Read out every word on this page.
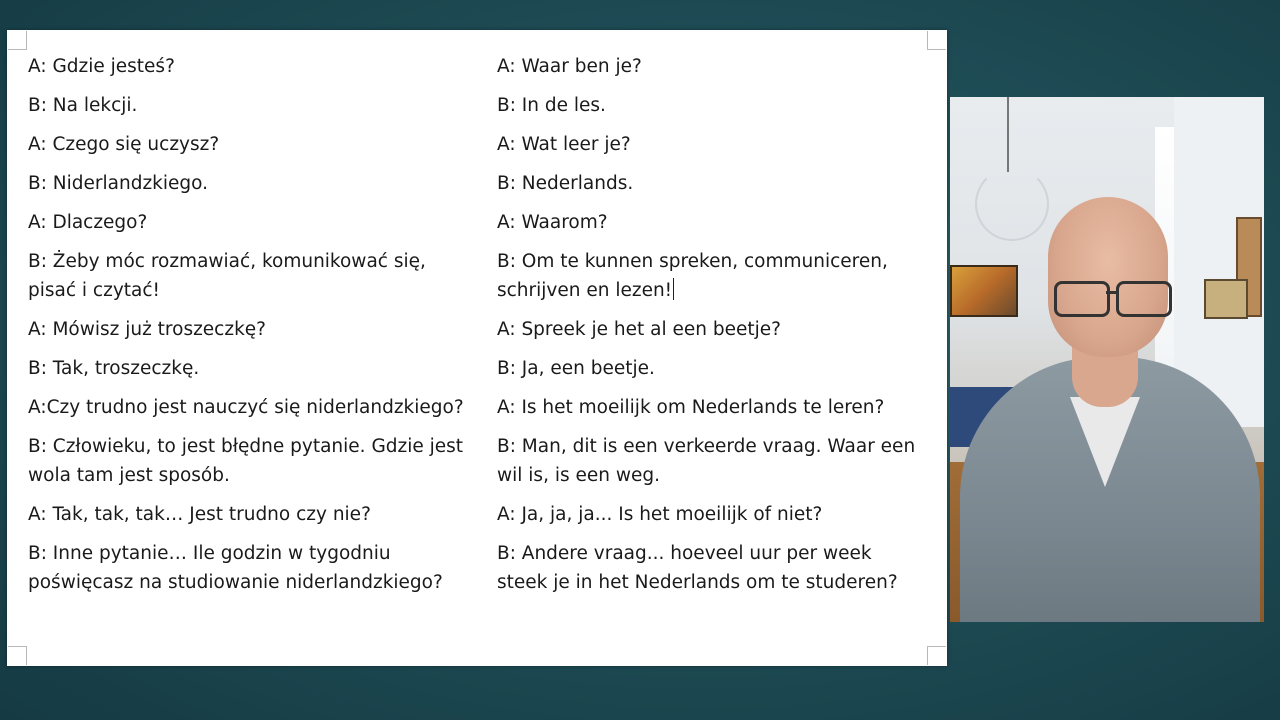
A: Gdzie jesteś?
B: Na lekcji.
A: Czego się uczysz?
B: Niderlandzkiego.
A: Dlaczego?
B: Żeby móc rozmawiać, komunikować się, pisać i czytać!
A: Mówisz już troszeczkę?
B: Tak, troszeczkę.
A:Czy trudno jest nauczyć się niderlandzkiego?
B: Człowieku, to jest błędne pytanie. Gdzie jest wola tam jest sposób.
A: Tak, tak, tak… Jest trudno czy nie?
B: Inne pytanie… Ile godzin w tygodniu poświęcasz na studiowanie niderlandzkiego?
A: Waar ben je?
B: In de les.
A: Wat leer je?
B: Nederlands.
A: Waarom?
B: Om te kunnen spreken, communiceren, schrijven en lezen!
A: Spreek je het al een beetje?
B: Ja, een beetje.
A: Is het moeilijk om Nederlands te leren?
B: Man, dit is een verkeerde vraag. Waar een wil is, is een weg.
A: Ja, ja, ja... Is het moeilijk of niet?
B: Andere vraag... hoeveel uur per week steek je in het Nederlands om te studeren?
